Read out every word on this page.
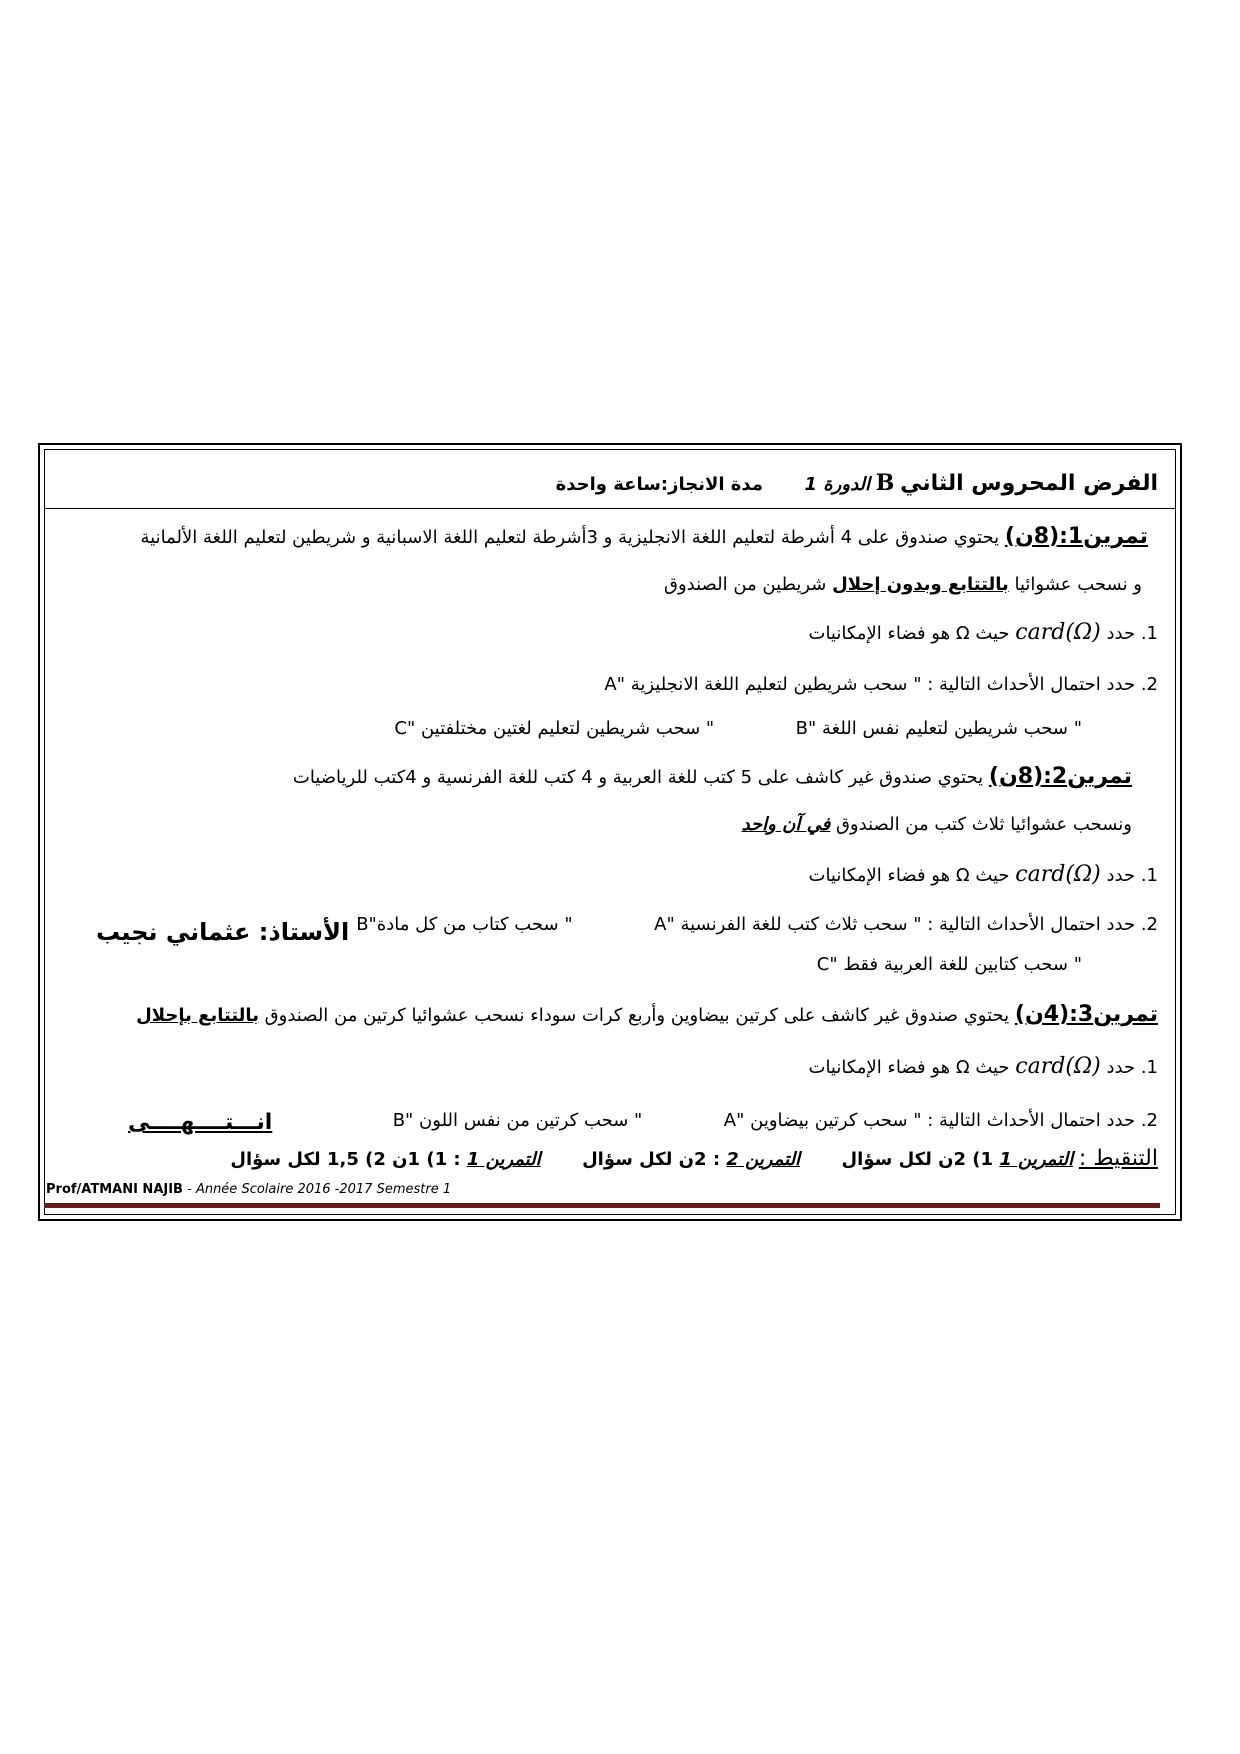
الفرض المحروس الثاني B الدورة 1  مدة الانجاز:ساعة واحدة
تمرين1:(8ن) يحتوي صندوق على 4 أشرطة لتعليم اللغة الانجليزية و 3أشرطة لتعليم اللغة الاسبانية و شريطين لتعليم اللغة الألمانية
و نسحب عشوائيا بالتتابع وبدون إحلال شريطين من الصندوق
1. حدد card(Ω) حيث Ω هو فضاء الإمكانيات
2. حدد احتمال الأحداث التالية : " سحب شريطين لتعليم اللغة الانجليزية "A
" سحب شريطين لتعليم نفس اللغة "B  " سحب شريطين لتعليم لغتين مختلفتين "C
تمرين2:(8ن) يحتوي صندوق غير كاشف على 5 كتب للغة العربية و 4 كتب للغة الفرنسية و 4كتب للرياضيات
ونسحب عشوائيا ثلاث كتب من الصندوق في آن واحد
1. حدد card(Ω) حيث Ω هو فضاء الإمكانيات
2. حدد احتمال الأحداث التالية : " سحب ثلاث كتب للغة الفرنسية "A  " سحب كتاب من كل مادة"B
الأستاذ: عثماني نجيب
" سحب كتابين للغة العربية فقط "C
تمرين3:(4ن) يحتوي صندوق غير كاشف على كرتين بيضاوين وأربع كرات سوداء نسحب عشوائيا كرتين من الصندوق بالتتابع بإحلال
1. حدد card(Ω) حيث Ω هو فضاء الإمكانيات
2. حدد احتمال الأحداث التالية : " سحب كرتين بيضاوين "A  " سحب كرتين من نفس اللون "B
انـــتــــهــــى
التنقيط : التمرين 1 1) 2ن لكل سؤال  التمرين 2 : 2ن لكل سؤال  التمرين 1 : 1) 1ن 2) 1,5 لكل سؤال
Prof/ATMANI NAJIB - Année Scolaire 2016 -2017 Semestre 1
